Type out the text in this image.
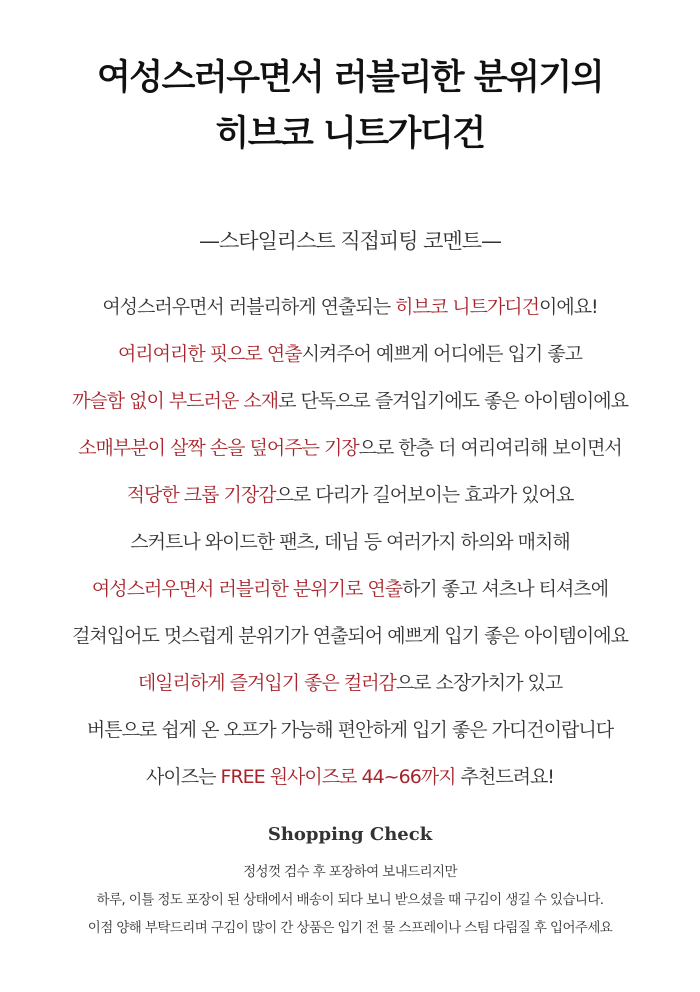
여성스러우면서 러블리한 분위기의
히브코 니트가디건
—스타일리스트 직접피팅 코멘트—
여성스러우면서 러블리하게 연출되는 히브코 니트가디건이에요!
여리여리한 핏으로 연출시켜주어 예쁘게 어디에든 입기 좋고
까슬함 없이 부드러운 소재로 단독으로 즐겨입기에도 좋은 아이템이에요
소매부분이 살짝 손을 덮어주는 기장으로 한층 더 여리여리해 보이면서
적당한 크롭 기장감으로 다리가 길어보이는 효과가 있어요
스커트나 와이드한 팬츠, 데님 등 여러가지 하의와 매치해
여성스러우면서 러블리한 분위기로 연출하기 좋고 셔츠나 티셔츠에
걸쳐입어도 멋스럽게 분위기가 연출되어 예쁘게 입기 좋은 아이템이에요
데일리하게 즐겨입기 좋은 컬러감으로 소장가치가 있고
버튼으로 쉽게 온 오프가 가능해 편안하게 입기 좋은 가디건이랍니다
사이즈는 FREE 원사이즈로 44~66까지 추천드려요!
Shopping Check
정성껏 검수 후 포장하여 보내드리지만
하루, 이틀 정도 포장이 된 상태에서 배송이 되다 보니 받으셨을 때 구김이 생길 수 있습니다.
이점 양해 부탁드리며 구김이 많이 간 상품은 입기 전 물 스프레이나 스팀 다림질 후 입어주세요
